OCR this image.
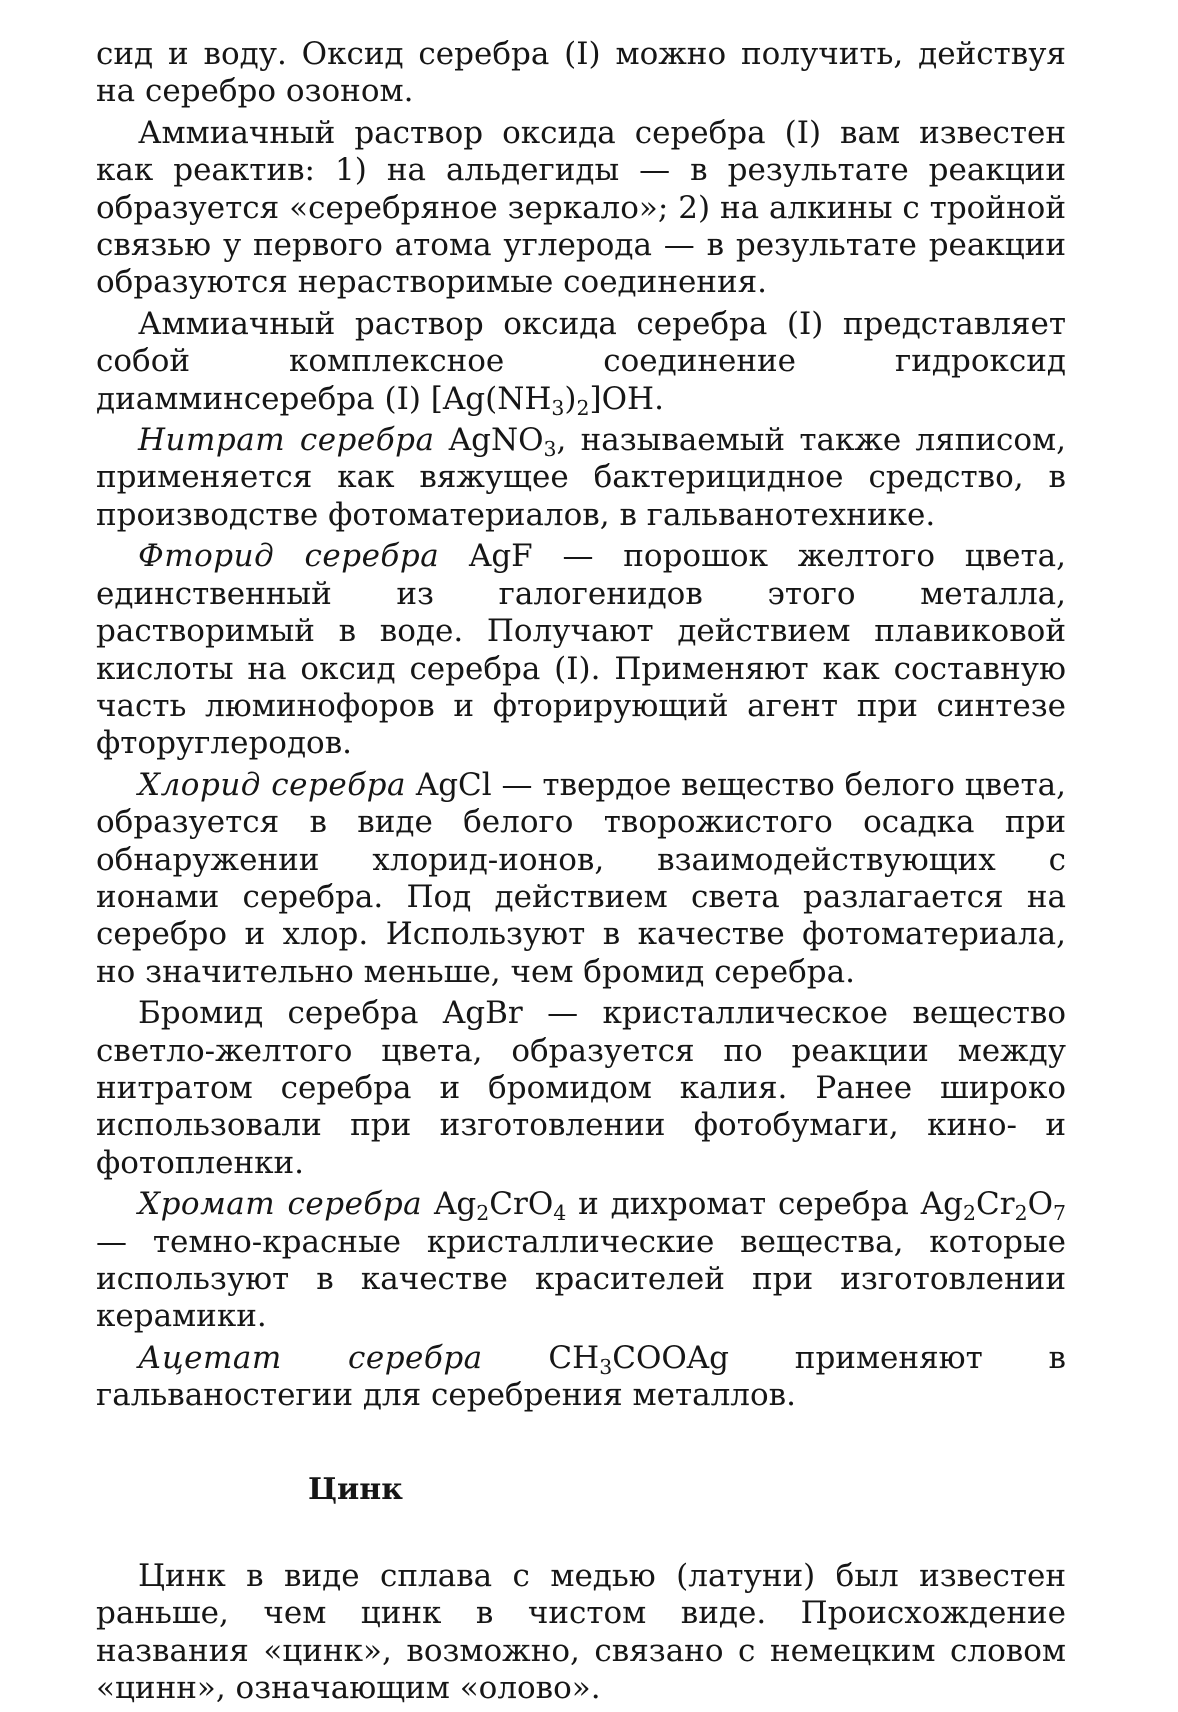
сид и воду. Оксид серебра (I) можно получить, действуя на серебро озоном.

Аммиачный раствор оксида серебра (I) вам известен как реактив: 1) на альдегиды — в результате реакции образуется «серебряное зеркало»; 2) на алкины с тройной связью у первого атома углерода — в результате реакции образуются нерастворимые соединения.

Аммиачный раствор оксида серебра (I) представляет собой комплексное соединение гидроксид диамминсеребра (I) $[Ag(NH_3)_2]OH$.

Нитрат серебра AgNO$_3$, называемый также ляписом, применяется как вяжущее бактерицидное средство, в производстве фотоматериалов, в гальванотехнике.

Фторид серебра AgF — порошок желтого цвета, единственный из галогенидов этого металла, растворимый в воде. Получают действием плавиковой кислоты на оксид серебра (I). Применяют как составную часть люминофоров и фторирующий агент при синтезе фторуглеродов.

Хлорид серебра AgCl — твердое вещество белого цвета, образуется в виде белого творожистого осадка при обнаружении хлорид-ионов, взаимодействующих с ионами серебра. Под действием света разлагается на серебро и хлор. Используют в качестве фотоматериала, но значительно меньше, чем бромид серебра.

Бромид серебра AgBr — кристаллическое вещество светло-желтого цвета, образуется по реакции между нитратом серебра и бромидом калия. Ранее широко использовали при изготовлении фотобумаги, кино- и фотопленки.

Хромат серебра $Ag_2CrO_4$ и дихромат серебра $Ag_2Cr_2O_7$ — темно-красные кристаллические вещества, которые используют в качестве красителей при изготовлении керамики.

Ацетат серебра $CH_3COOAg$ применяют в гальваностегии для серебрения металлов.

Цинк

Цинк в виде сплава с медью (латуни) был известен раньше, чем цинк в чистом виде. Происхождение названия «цинк», возможно, связано с немецким словом «цинн», означающим «олово».
